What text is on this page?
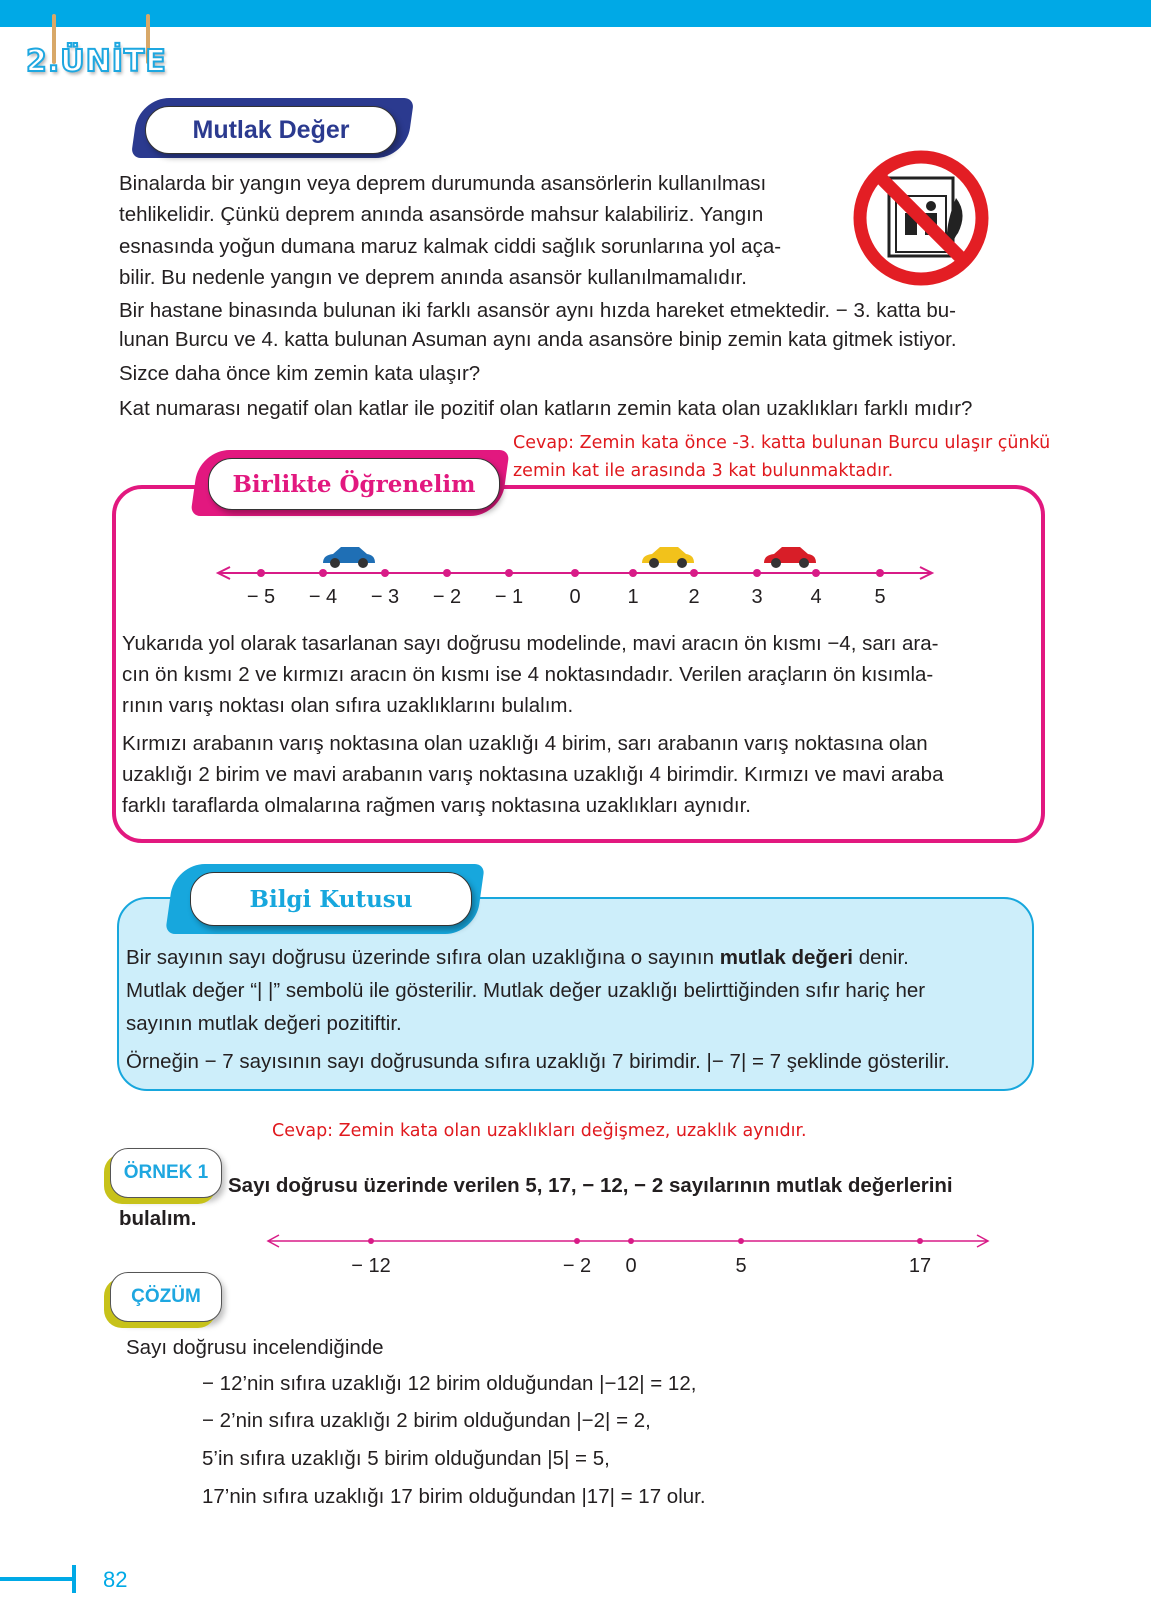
2.ÜNİTE
Mutlak Değer
Binalarda bir yangın veya deprem durumunda asansörlerin kullanılması
tehlikelidir. Çünkü deprem anında asansörde mahsur kalabiliriz. Yangın
esnasında yoğun dumana maruz kalmak ciddi sağlık sorunlarına yol aça-
bilir. Bu nedenle yangın ve deprem anında asansör kullanılmamalıdır.
Bir hastane binasında bulunan iki farklı asansör aynı hızda hareket etmektedir. − 3. katta bu-
lunan Burcu ve 4. katta bulunan Asuman aynı anda asansöre binip zemin kata gitmek istiyor.
Sizce daha önce kim zemin kata ulaşır?
Kat numarası negatif olan katlar ile pozitif olan katların zemin kata olan uzaklıkları farklı mıdır?
Cevap: Zemin kata önce -3. katta bulunan Burcu ulaşır çünkü
zemin kat ile arasında 3 kat bulunmaktadır.
Birlikte Öğrenelim
− 5 − 4 − 3 − 2 − 1 0 1 2	3 4	5
Yukarıda yol olarak tasarlanan sayı doğrusu modelinde, mavi aracın ön kısmı −4, sarı ara-
cın ön kısmı 2 ve kırmızı aracın ön kısmı ise 4 noktasındadır. Verilen araçların ön kısımla-
rının varış noktası olan sıfıra uzaklıklarını bulalım.
Kırmızı arabanın varış noktasına olan uzaklığı 4 birim, sarı arabanın varış noktasına olan
uzaklığı 2 birim ve mavi arabanın varış noktasına uzaklığı 4 birimdir. Kırmızı ve mavi araba
farklı taraflarda olmalarına rağmen varış noktasına uzaklıkları aynıdır.
Bilgi Kutusu
Bir sayının sayı doğrusu üzerinde sıfıra olan uzaklığına o sayının mutlak değeri denir.
Mutlak değer “| |” sembolü ile gösterilir. Mutlak değer uzaklığı belirttiğinden sıfır hariç her
sayının mutlak değeri pozitiftir.
Örneğin − 7 sayısının sayı doğrusunda sıfıra uzaklığı 7 birimdir. |− 7| = 7 şeklinde gösterilir.
Cevap: Zemin kata olan uzaklıkları değişmez, uzaklık aynıdır.
ÖRNEK 1
Sayı doğrusu üzerinde verilen 5, 17, − 12, − 2 sayılarının mutlak değerlerini
bulalım.
− 12	− 2 0	5	17
ÇÖZÜM
Sayı doğrusu incelendiğinde
− 12’nin sıfıra uzaklığı 12 birim olduğundan |−12| = 12,
− 2’nin sıfıra uzaklığı 2 birim olduğundan |−2| = 2,
5’in sıfıra uzaklığı 5 birim olduğundan |5| = 5,
17’nin sıfıra uzaklığı 17 birim olduğundan |17| = 17 olur.
82
